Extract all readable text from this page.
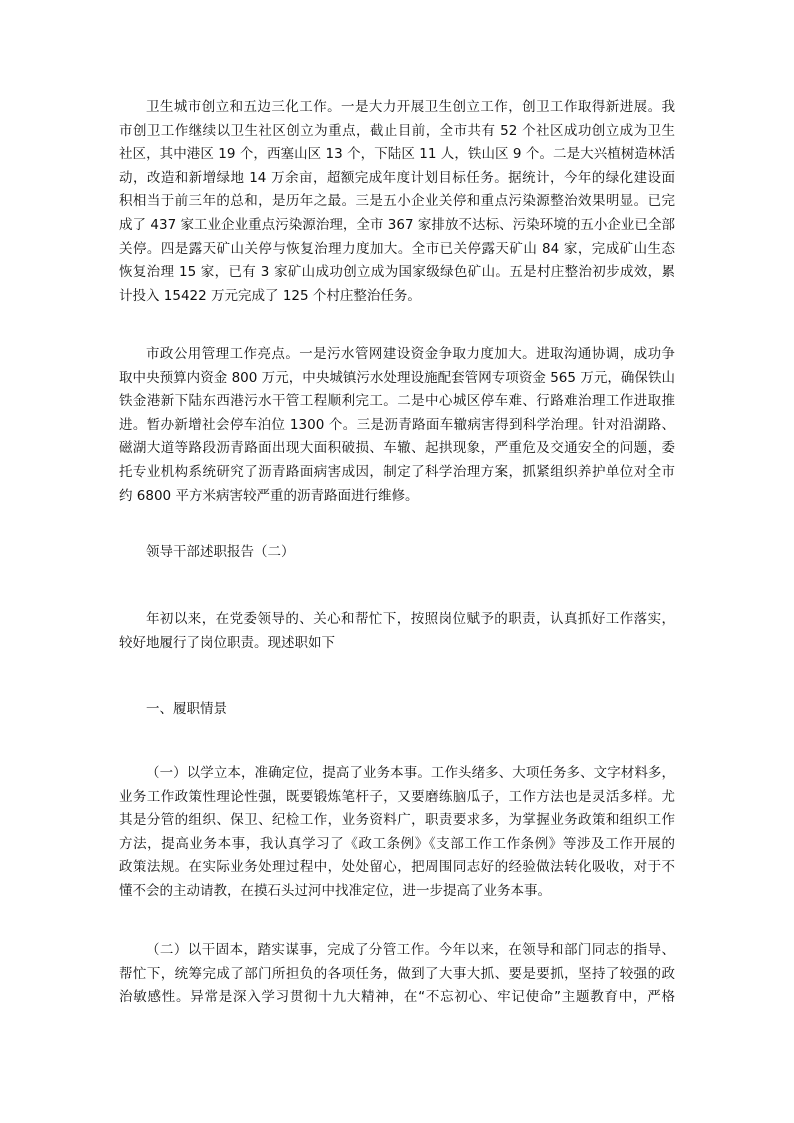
卫生城市创立和五边三化工作。一是大力开展卫生创立工作，创卫工作取得新进展。我
市创卫工作继续以卫生社区创立为重点，截止目前，全市共有 52 个社区成功创立成为卫生
社区，其中港区 19 个，西塞山区 13 个，下陆区 11 人，铁山区 9 个。二是大兴植树造林活
动，改造和新增绿地 14 万余亩，超额完成年度计划目标任务。据统计，今年的绿化建设面
积相当于前三年的总和，是历年之最。三是五小企业关停和重点污染源整治效果明显。已完
成了 437 家工业企业重点污染源治理，全市 367 家排放不达标、污染环境的五小企业已全部
关停。四是露天矿山关停与恢复治理力度加大。全市已关停露天矿山 84 家，完成矿山生态
恢复治理 15 家，已有 3 家矿山成功创立成为国家级绿色矿山。五是村庄整治初步成效，累
计投入 15422 万元完成了 125 个村庄整治任务。
市政公用管理工作亮点。一是污水管网建设资金争取力度加大。进取沟通协调，成功争
取中央预算内资金 800 万元，中央城镇污水处理设施配套管网专项资金 565 万元，确保铁山
铁金港新下陆东西港污水干管工程顺利完工。二是中心城区停车难、行路难治理工作进取推
进。暂办新增社会停车泊位 1300 个。三是沥青路面车辙病害得到科学治理。针对沿湖路、
磁湖大道等路段沥青路面出现大面积破损、车辙、起拱现象，严重危及交通安全的问题，委
托专业机构系统研究了沥青路面病害成因，制定了科学治理方案，抓紧组织养护单位对全市
约 6800 平方米病害较严重的沥青路面进行维修。
领导干部述职报告（二）
年初以来，在党委领导的、关心和帮忙下，按照岗位赋予的职责，认真抓好工作落实，
较好地履行了岗位职责。现述职如下
一、履职情景
（一）以学立本，准确定位，提高了业务本事。工作头绪多、大项任务多、文字材料多，
业务工作政策性理论性强，既要锻炼笔杆子，又要磨练脑瓜子，工作方法也是灵活多样。尤
其是分管的组织、保卫、纪检工作，业务资料广，职责要求多，为掌握业务政策和组织工作
方法，提高业务本事，我认真学习了《政工条例》《支部工作工作条例》等涉及工作开展的
政策法规。在实际业务处理过程中，处处留心，把周围同志好的经验做法转化吸收，对于不
懂不会的主动请教，在摸石头过河中找准定位，进一步提高了业务本事。
（二）以干固本，踏实谋事，完成了分管工作。今年以来，在领导和部门同志的指导、
帮忙下，统筹完成了部门所担负的各项任务，做到了大事大抓、要是要抓，坚持了较强的政
治敏感性。异常是深入学习贯彻十九大精神，在“不忘初心、牢记使命”主题教育中，严格
